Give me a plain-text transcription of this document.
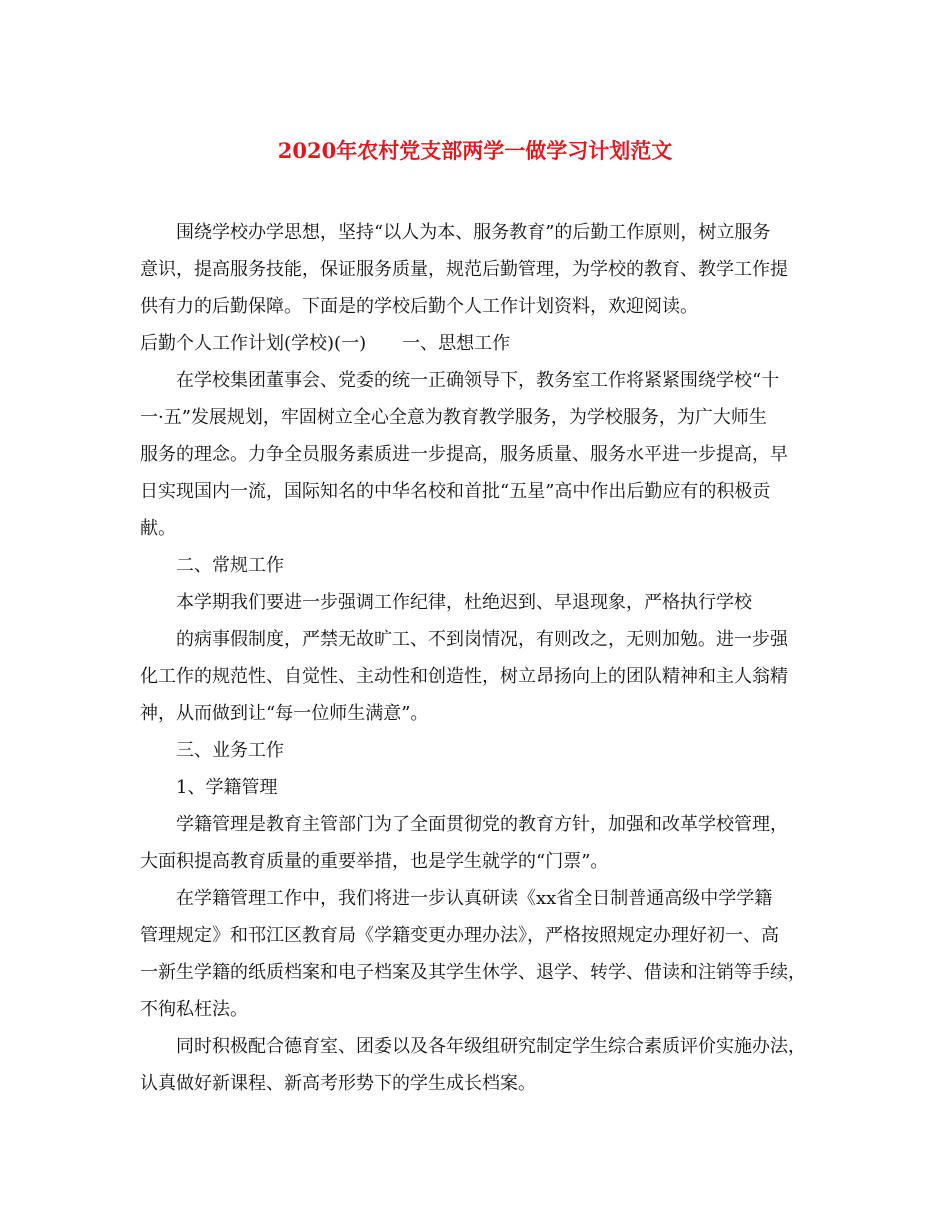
2020年农村党支部两学一做学习计划范文
围绕学校办学思想，坚持“以人为本、服务教育”的后勤工作原则，树立服务
意识，提高服务技能，保证服务质量，规范后勤管理，为学校的教育、教学工作提
供有力的后勤保障。下面是的学校后勤个人工作计划资料，欢迎阅读。
后勤个人工作计划(学校)(一)　　一、思想工作
在学校集团董事会、党委的统一正确领导下，教务室工作将紧紧围绕学校“十
一·五”发展规划，牢固树立全心全意为教育教学服务，为学校服务，为广大师生
服务的理念。力争全员服务素质进一步提高，服务质量、服务水平进一步提高，早
日实现国内一流，国际知名的中华名校和首批“五星”高中作出后勤应有的积极贡
献。
二、常规工作
本学期我们要进一步强调工作纪律，杜绝迟到、早退现象，严格执行学校
的病事假制度，严禁无故旷工、不到岗情况，有则改之，无则加勉。进一步强
化工作的规范性、自觉性、主动性和创造性，树立昂扬向上的团队精神和主人翁精
神，从而做到让“每一位师生满意”。
三、业务工作
1、学籍管理
学籍管理是教育主管部门为了全面贯彻党的教育方针，加强和改革学校管理，
大面积提高教育质量的重要举措，也是学生就学的“门票”。
在学籍管理工作中，我们将进一步认真研读《xx省全日制普通高级中学学籍
管理规定》和邗江区教育局《学籍变更办理办法》，严格按照规定办理好初一、高
一新生学籍的纸质档案和电子档案及其学生休学、退学、转学、借读和注销等手续，
不徇私枉法。
同时积极配合德育室、团委以及各年级组研究制定学生综合素质评价实施办法，
认真做好新课程、新高考形势下的学生成长档案。
